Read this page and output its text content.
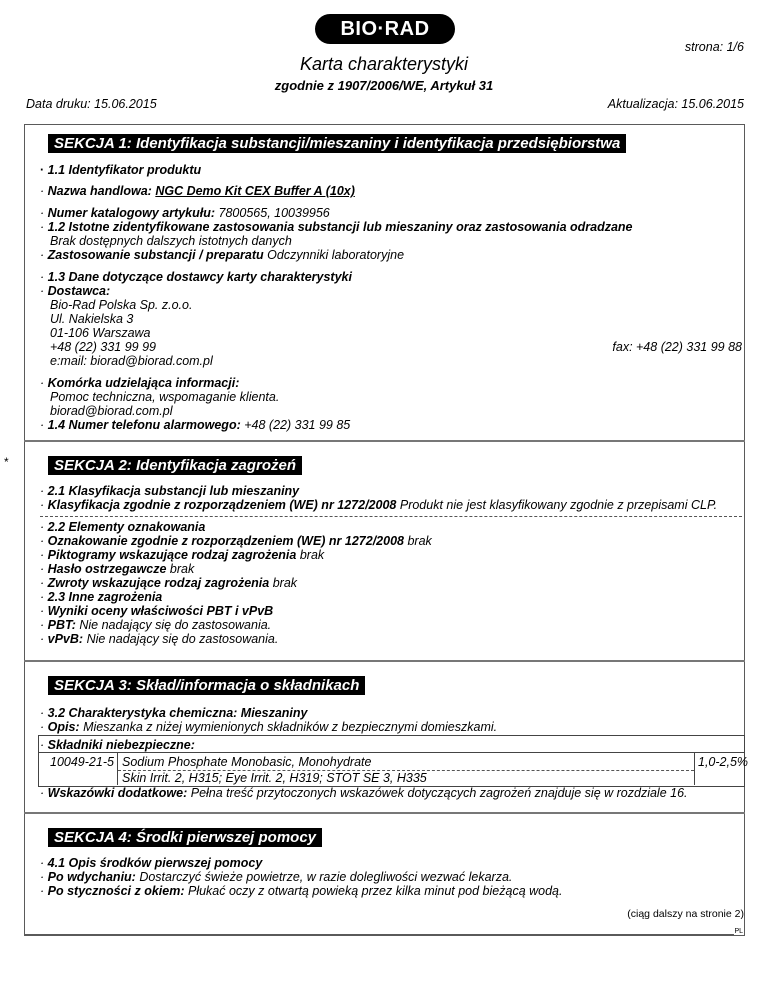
BIO·RAD
strona: 1/6
Karta charakterystyki
zgodnie z 1907/2006/WE, Artykuł 31
Data druku: 15.06.2015	Aktualizacja: 15.06.2015
SEKCJA 1: Identyfikacja substancji/mieszaniny i identyfikacja przedsiębiorstwa
· 1.1 Identyfikator produktu
· Nazwa handlowa: NGC Demo Kit CEX Buffer A (10x)
· Numer katalogowy artykułu: 7800565, 10039956
· 1.2 Istotne zidentyfikowane zastosowania substancji lub mieszaniny oraz zastosowania odradzane
Brak dostępnych dalszych istotnych danych
· Zastosowanie substancji / preparatu Odczynniki laboratoryjne
· 1.3 Dane dotyczące dostawcy karty charakterystyki
· Dostawca:
Bio-Rad Polska Sp. z.o.o.
Ul. Nakielska 3
01-106 Warszawa
+48 (22) 331 99 99	fax: +48 (22) 331 99 88
e:mail: biorad@biorad.com.pl
· Komórka udzielająca informacji:
Pomoc techniczna, wspomaganie klienta.
biorad@biorad.com.pl
· 1.4 Numer telefonu alarmowego: +48 (22) 331 99 85
*	SEKCJA 2: Identyfikacja zagrożeń
· 2.1 Klasyfikacja substancji lub mieszaniny
· Klasyfikacja zgodnie z rozporządzeniem (WE) nr 1272/2008 Produkt nie jest klasyfikowany zgodnie z przepisami CLP.
· 2.2 Elementy oznakowania
· Oznakowanie zgodnie z rozporządzeniem (WE) nr 1272/2008 brak
· Piktogramy wskazujące rodzaj zagrożenia brak
· Hasło ostrzegawcze brak
· Zwroty wskazujące rodzaj zagrożenia brak
· 2.3 Inne zagrożenia
· Wyniki oceny właściwości PBT i vPvB
· PBT: Nie nadający się do zastosowania.
· vPvB: Nie nadający się do zastosowania.
SEKCJA 3: Skład/informacja o składnikach
· 3.2 Charakterystyka chemiczna: Mieszaniny
· Opis: Mieszanka z niżej wymienionych składników z bezpiecznymi domieszkami.
· Składniki niebezpieczne:
10049-21-5 Sodium Phosphate Monobasic, Monohydrate
Skin Irrit. 2, H315; Eye Irrit. 2, H319; STOT SE 3, H335
1,0-2,5%
· Wskazówki dodatkowe: Pełna treść przytoczonych wskazówek dotyczących zagrożeń znajduje się w rozdziale 16.
SEKCJA 4: Środki pierwszej pomocy
· 4.1 Opis środków pierwszej pomocy
· Po wdychaniu: Dostarczyć świeże powietrze, w razie dolegliwości wezwać lekarza.
· Po styczności z okiem: Płukać oczy z otwartą powieką przez kilka minut pod bieżącą wodą.
(ciąg dalszy na stronie 2)
PL
